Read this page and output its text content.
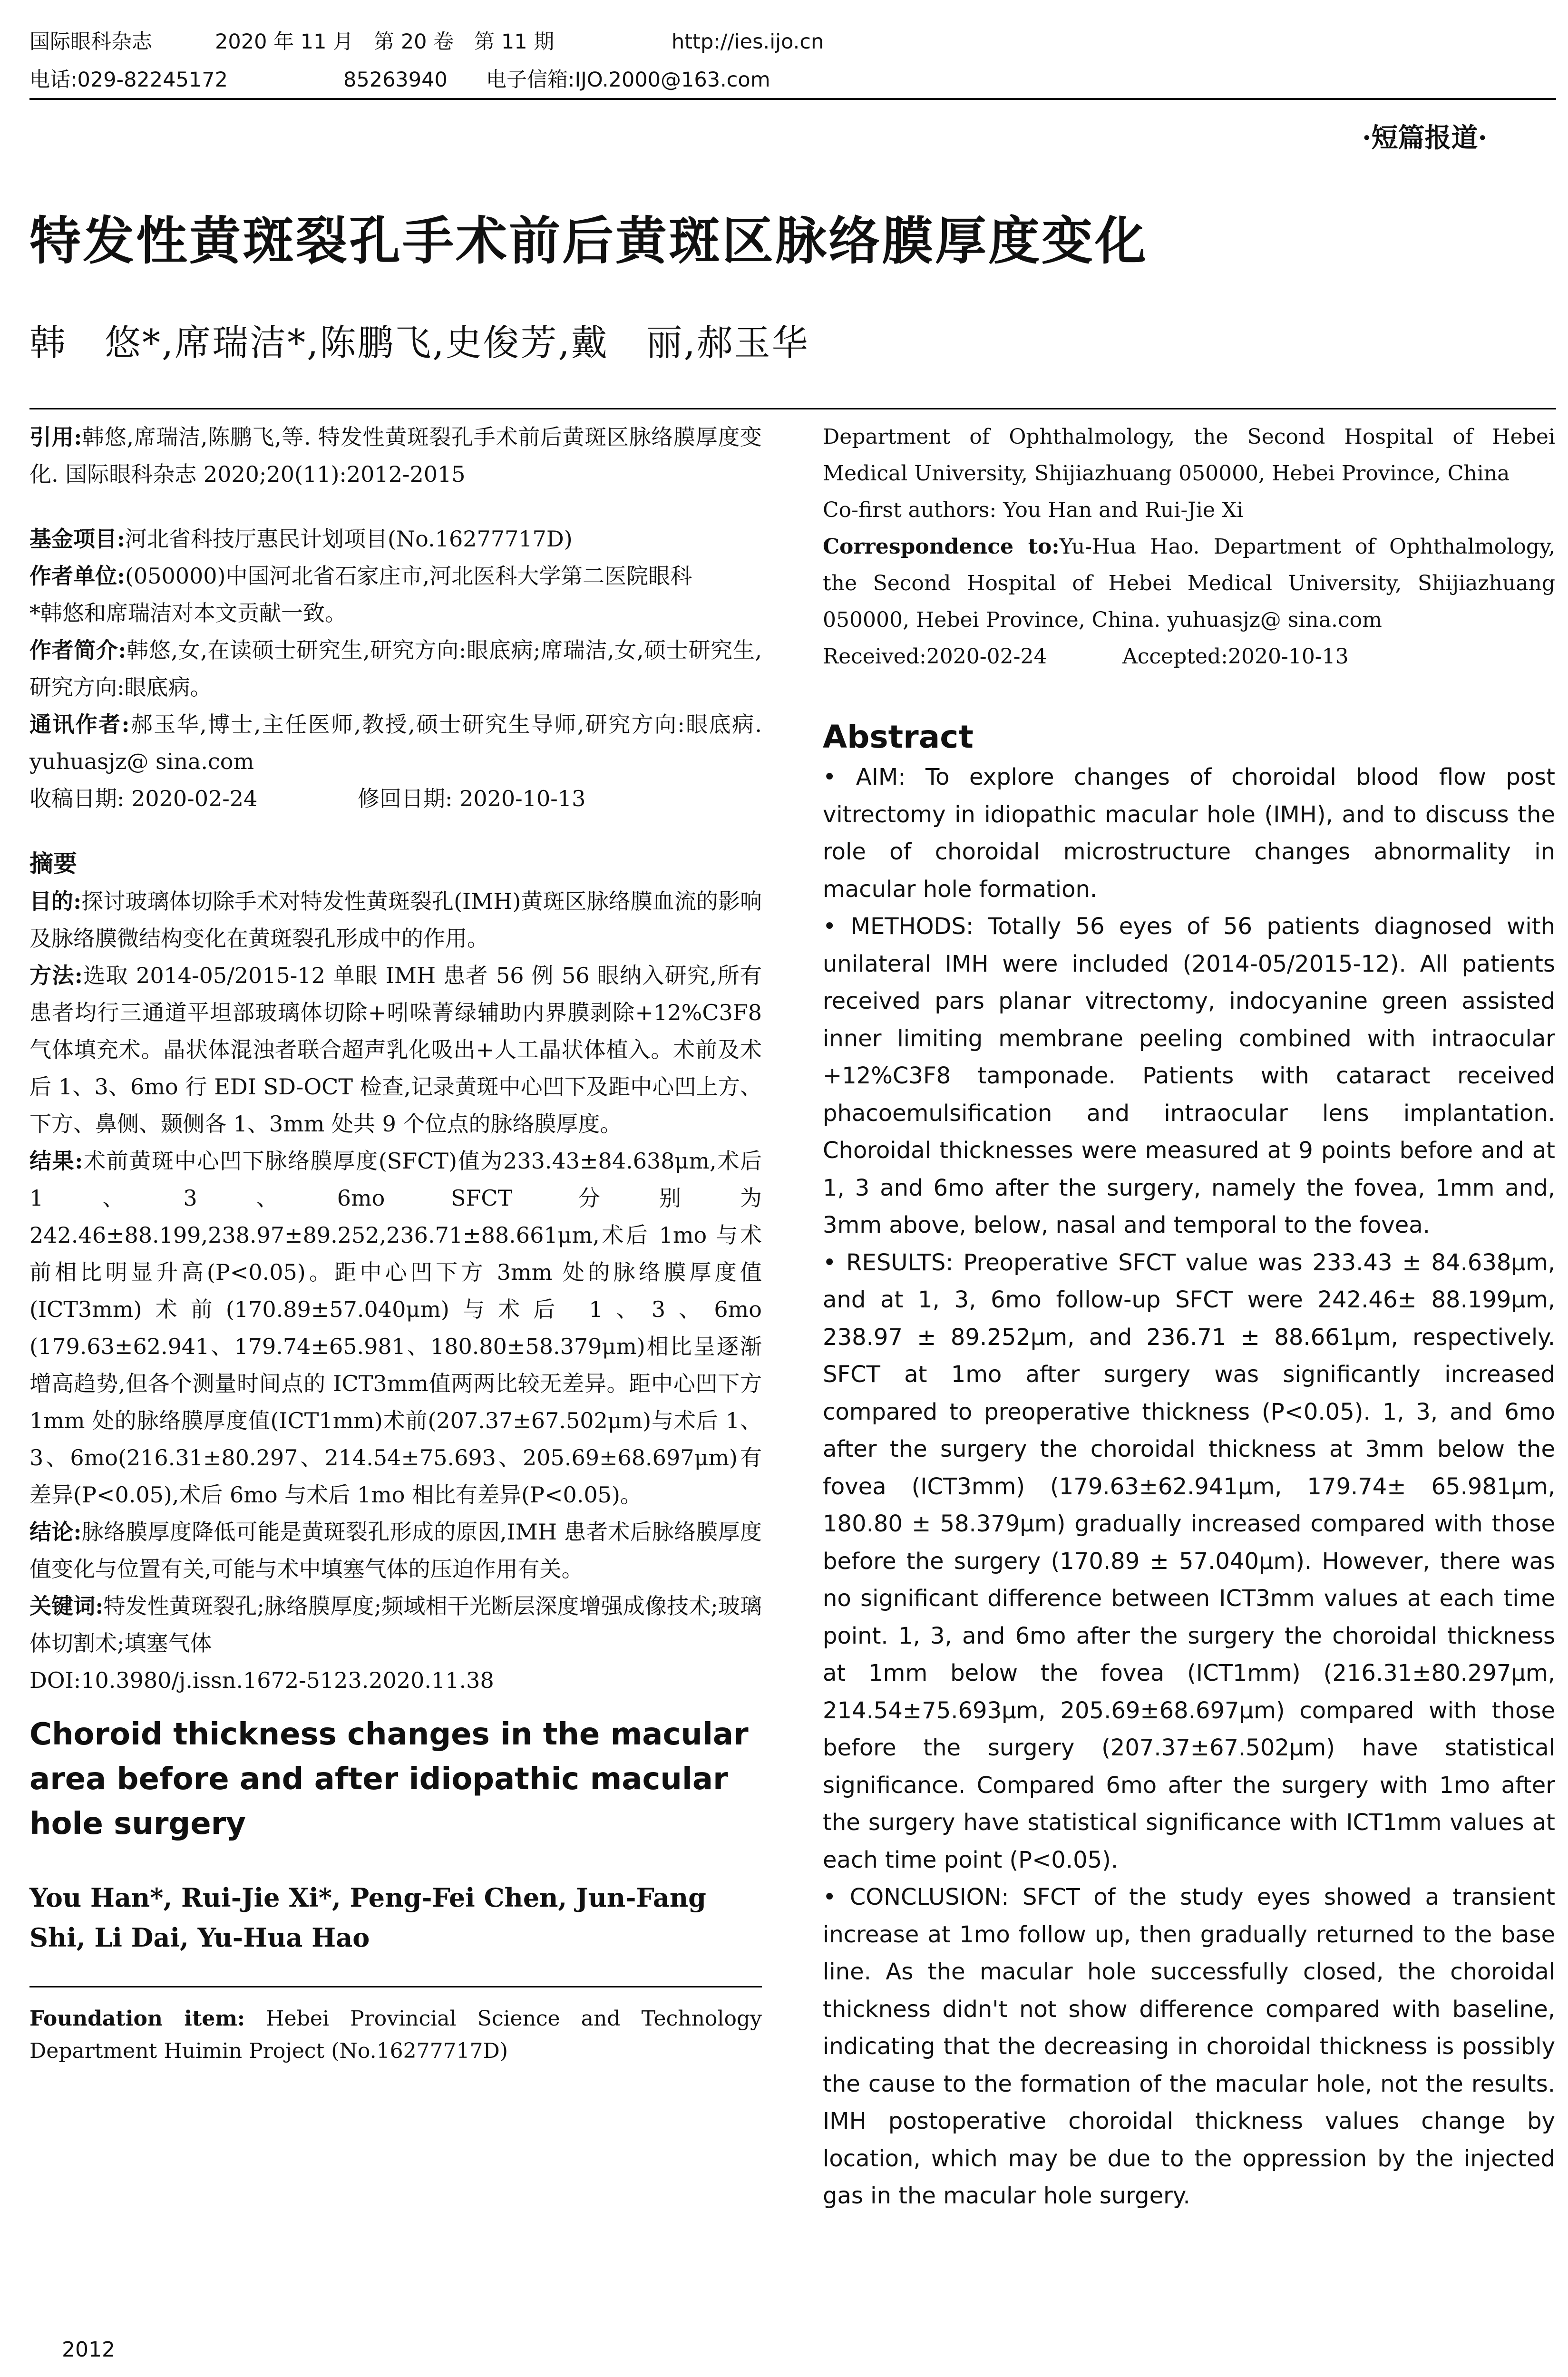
国际眼科杂志	2020 年 11 月　第 20 卷　第 11 期	http://ies.ijo.cn
电话:029-82245172	85263940	电子信箱:IJO.2000@163.com
·短篇报道·
特发性黄斑裂孔手术前后黄斑区脉络膜厚度变化
韩　悠*,席瑞洁*,陈鹏飞,史俊芳,戴　丽,郝玉华

引用:韩悠,席瑞洁,陈鹏飞,等. 特发性黄斑裂孔手术前后黄斑区脉络膜厚度变化. 国际眼科杂志 2020;20(11):2012-2015

基金项目:河北省科技厅惠民计划项目(No.16277717D)

作者单位:(050000)中国河北省石家庄市,河北医科大学第二医院眼科

*韩悠和席瑞洁对本文贡献一致。

作者简介:韩悠,女,在读硕士研究生,研究方向:眼底病;席瑞洁,女,硕士研究生,研究方向:眼底病。

通讯作者:郝玉华,博士,主任医师,教授,硕士研究生导师,研究方向:眼底病. yuhuasjz@ sina.com

收稿日期: 2020-02-24	修回日期: 2020-10-13

摘要

目的:探讨玻璃体切除手术对特发性黄斑裂孔(IMH)黄斑区脉络膜血流的影响及脉络膜微结构变化在黄斑裂孔形成中的作用。

方法:选取 2014-05/2015-12 单眼 IMH 患者 56 例 56 眼纳入研究,所有患者均行三通道平坦部玻璃体切除+吲哚菁绿辅助内界膜剥除+12%C3F8气体填充术。晶状体混浊者联合超声乳化吸出+人工晶状体植入。术前及术后 1、3、6mo 行 EDI SD-OCT 检查,记录黄斑中心凹下及距中心凹上方、下方、鼻侧、颞侧各 1、3mm 处共 9 个位点的脉络膜厚度。

结果:术前黄斑中心凹下脉络膜厚度(SFCT)值为233.43±84.638μm,术后 1、3、6mo SFCT 分别为 242.46±88.199,238.97±89.252,236.71±88.661μm,术后 1mo 与术前相比明显升高(P<0.05)。距中心凹下方 3mm 处的脉络膜厚度值(ICT3mm)术前(170.89±57.040μm)与术后 1、3、6mo (179.63±62.941、179.74±65.981、180.80±58.379μm)相比呈逐渐增高趋势,但各个测量时间点的 ICT3mm值两两比较无差异。距中心凹下方 1mm 处的脉络膜厚度值(ICT1mm)术前(207.37±67.502μm)与术后 1、3、6mo(216.31±80.297、214.54±75.693、205.69±68.697μm)有差异(P<0.05),术后 6mo 与术后 1mo 相比有差异(P<0.05)。

结论:脉络膜厚度降低可能是黄斑裂孔形成的原因,IMH 患者术后脉络膜厚度值变化与位置有关,可能与术中填塞气体的压迫作用有关。

关键词:特发性黄斑裂孔;脉络膜厚度;频域相干光断层深度增强成像技术;玻璃体切割术;填塞气体

DOI:10.3980/j.issn.1672-5123.2020.11.38

Choroid thickness changes in the macular area before and after idiopathic macular hole surgery
You Han*, Rui-Jie Xi*, Peng-Fei Chen, Jun-Fang Shi, Li Dai, Yu-Hua Hao

Foundation item: Hebei Provincial Science and Technology Department Huimin Project (No.16277717D)

Department of Ophthalmology, the Second Hospital of Hebei Medical University, Shijiazhuang 050000, Hebei Province, China

Co-first authors: You Han and Rui-Jie Xi

Correspondence to:Yu-Hua Hao. Department of Ophthalmology, the Second Hospital of Hebei Medical University, Shijiazhuang 050000, Hebei Province, China. yuhuasjz@ sina.com

Received:2020-02-24	Accepted:2020-10-13

Abstract

• AIM: To explore changes of choroidal blood flow post vitrectomy in idiopathic macular hole (IMH), and to discuss the role of choroidal microstructure changes abnormality in macular hole formation.

• METHODS: Totally 56 eyes of 56 patients diagnosed with unilateral IMH were included (2014-05/2015-12). All patients received pars planar vitrectomy, indocyanine green assisted inner limiting membrane peeling combined with intraocular +12%C3F8 tamponade. Patients with cataract received phacoemulsification and intraocular lens implantation. Choroidal thicknesses were measured at 9 points before and at 1, 3 and 6mo after the surgery, namely the fovea, 1mm and, 3mm above, below, nasal and temporal to the fovea.

• RESULTS: Preoperative SFCT value was 233.43 ± 84.638μm, and at 1, 3, 6mo follow-up SFCT were 242.46± 88.199μm, 238.97 ± 89.252μm, and 236.71 ± 88.661μm, respectively. SFCT at 1mo after surgery was significantly increased compared to preoperative thickness (P<0.05). 1, 3, and 6mo after the surgery the choroidal thickness at 3mm below the fovea (ICT3mm) (179.63±62.941μm, 179.74± 65.981μm, 180.80 ± 58.379μm) gradually increased compared with those before the surgery (170.89 ± 57.040μm). However, there was no significant difference between ICT3mm values at each time point. 1, 3, and 6mo after the surgery the choroidal thickness at 1mm below the fovea (ICT1mm) (216.31±80.297μm, 214.54±75.693μm, 205.69±68.697μm) compared with those before the surgery (207.37±67.502μm) have statistical significance. Compared 6mo after the surgery with 1mo after the surgery have statistical significance with ICT1mm values at each time point (P<0.05).

• CONCLUSION: SFCT of the study eyes showed a transient increase at 1mo follow up, then gradually returned to the base line. As the macular hole successfully closed, the choroidal thickness didn't not show difference compared with baseline, indicating that the decreasing in choroidal thickness is possibly the cause to the formation of the macular hole, not the results. IMH postoperative choroidal thickness values change by location, which may be due to the oppression by the injected gas in the macular hole surgery.

2012
